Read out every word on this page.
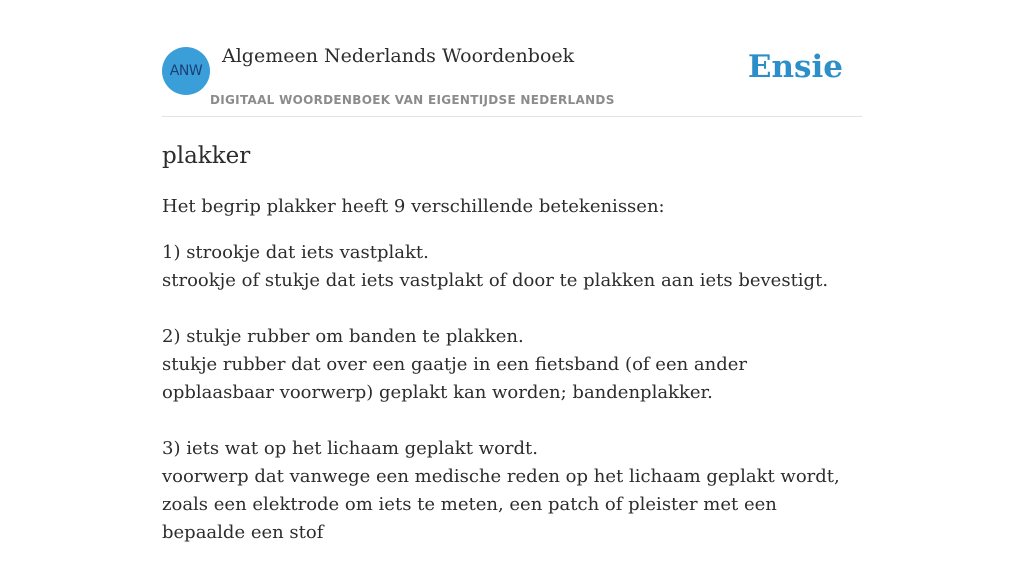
ANW
Algemeen Nederlands Woordenboek
DIGITAAL WOORDENBOEK VAN EIGENTIJDSE NEDERLANDS
Ensie
plakker

Het begrip plakker heeft 9 verschillende betekenissen:

1) strookje dat iets vastplakt.

strookje of stukje dat iets vastplakt of door te plakken aan iets bevestigt.

2) stukje rubber om banden te plakken.

stukje rubber dat over een gaatje in een fietsband (of een ander opblaasbaar voorwerp) geplakt kan worden; bandenplakker.

3) iets wat op het lichaam geplakt wordt.

voorwerp dat vanwege een medische reden op het lichaam geplakt wordt, zoals een elektrode om iets te meten, een patch of pleister met een bepaalde een stof
